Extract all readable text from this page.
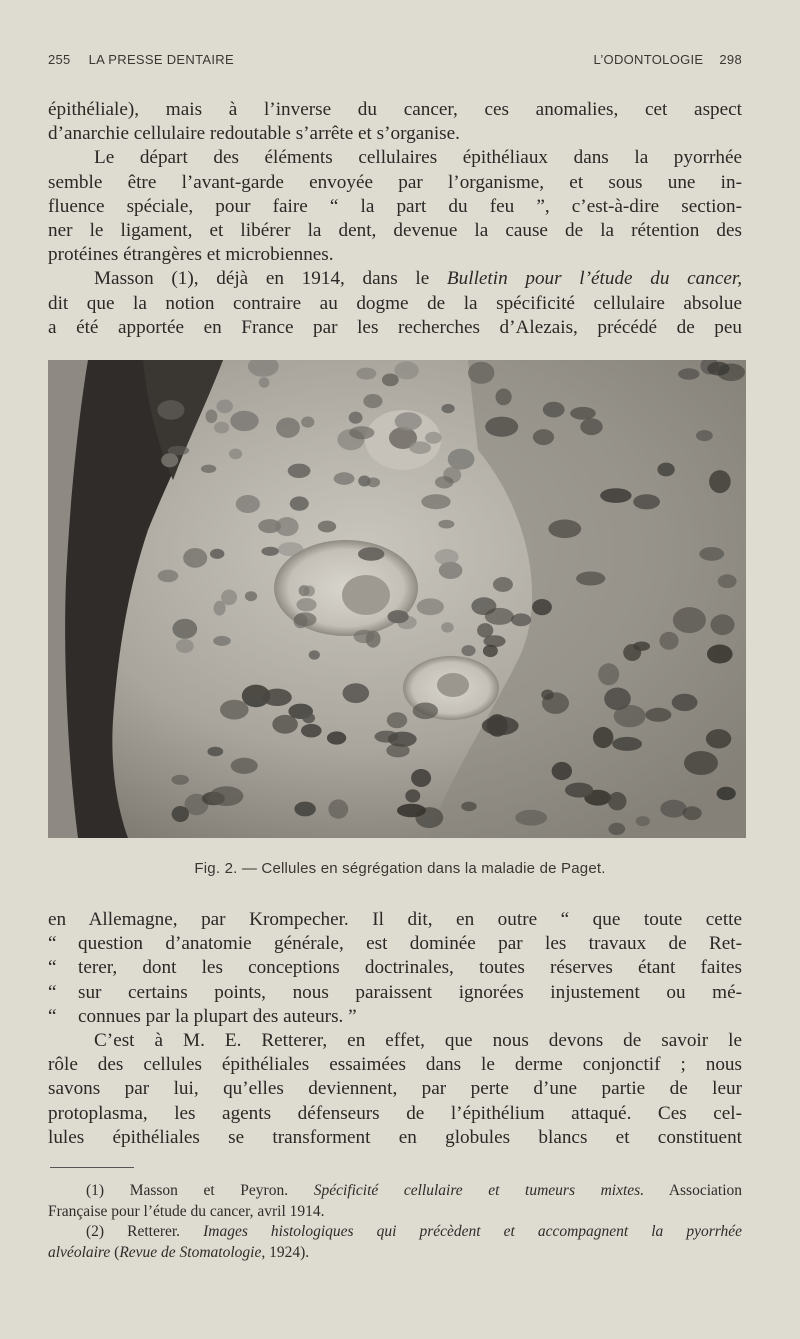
255 LA PRESSE DENTAIRE	L’ODONTOLOGIE 298

épithéliale), mais à l’inverse du cancer, ces anomalies, cet aspect
d’anarchie cellulaire redoutable s’arrête et s’organise.

Le départ des éléments cellulaires épithéliaux dans la pyorrhée
semble être l’avant-garde envoyée par l’organisme, et sous une in-
fluence spéciale, pour faire “ la part du feu ”, c’est-à-dire section-
ner le ligament, et libérer la dent, devenue la cause de la rétention des
protéines étrangères et microbiennes.

Masson (1), déjà en 1914, dans le Bulletin pour l’étude du cancer,
dit que la notion contraire au dogme de la spécificité cellulaire absolue
a été apportée en France par les recherches d’Alezais, précédé de peu

Fig. 2. — Cellules en ségrégation dans la maladie de Paget.

en Allemagne, par Krompecher. Il dit, en outre “ que toute cette
“ question d’anatomie générale, est dominée par les travaux de Ret-
“ terer, dont les conceptions doctrinales, toutes réserves étant faites
“ sur certains points, nous paraissent ignorées injustement ou mé-
“ connues par la plupart des auteurs. ”

C’est à M. E. Retterer, en effet, que nous devons de savoir le
rôle des cellules épithéliales essaimées dans le derme conjonctif ; nous
savons par lui, qu’elles deviennent, par perte d’une partie de leur
protoplasma, les agents défenseurs de l’épithélium attaqué. Ces cel-
lules épithéliales se transforment en globules blancs et constituent

(1) Masson et Peyron. Spécificité cellulaire et tumeurs mixtes. Association
Française pour l’étude du cancer, avril 1914.

(2) Retterer. Images histologiques qui précèdent et accompagnent la pyorrhée
alvéolaire (Revue de Stomatologie, 1924).
